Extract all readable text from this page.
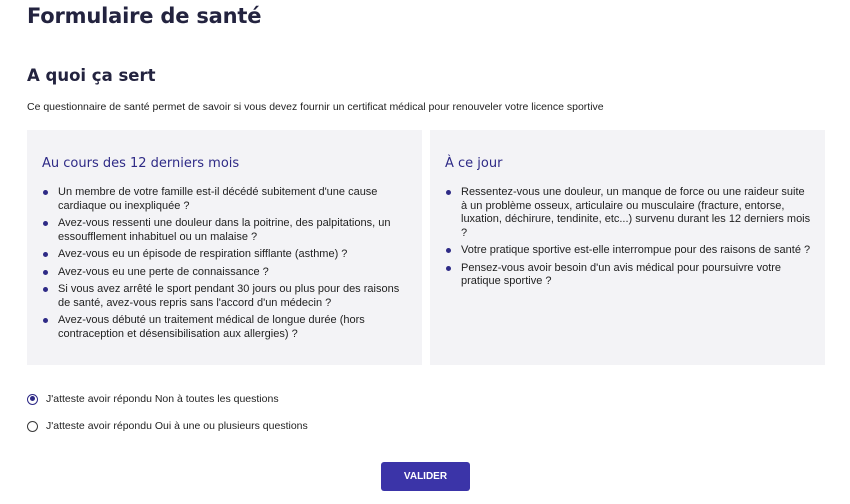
Formulaire de santé
A quoi ça sert

Ce questionnaire de santé permet de savoir si vous devez fournir un certificat médical pour renouveler votre licence sportive

Au cours des 12 derniers mois
Un membre de votre famille est-il décédé subitement d'une cause cardiaque ou inexpliquée ?
Avez-vous ressenti une douleur dans la poitrine, des palpitations, un essoufflement inhabituel ou un malaise ?
Avez-vous eu un épisode de respiration sifflante (asthme) ?
Avez-vous eu une perte de connaissance ?
Si vous avez arrêté le sport pendant 30 jours ou plus pour des raisons de santé, avez-vous repris sans l'accord d'un médecin ?
Avez-vous débuté un traitement médical de longue durée (hors contraception et désensibilisation aux allergies) ?
À ce jour
Ressentez-vous une douleur, un manque de force ou une raideur suite à un problème osseux, articulaire ou musculaire (fracture, entorse, luxation, déchirure, tendinite, etc...) survenu durant les 12 derniers mois ?
Votre pratique sportive est-elle interrompue pour des raisons de santé ?
Pensez-vous avoir besoin d'un avis médical pour poursuivre votre pratique sportive ?
J'atteste avoir répondu Non à toutes les questions
J'atteste avoir répondu Oui à une ou plusieurs questions
VALIDER
